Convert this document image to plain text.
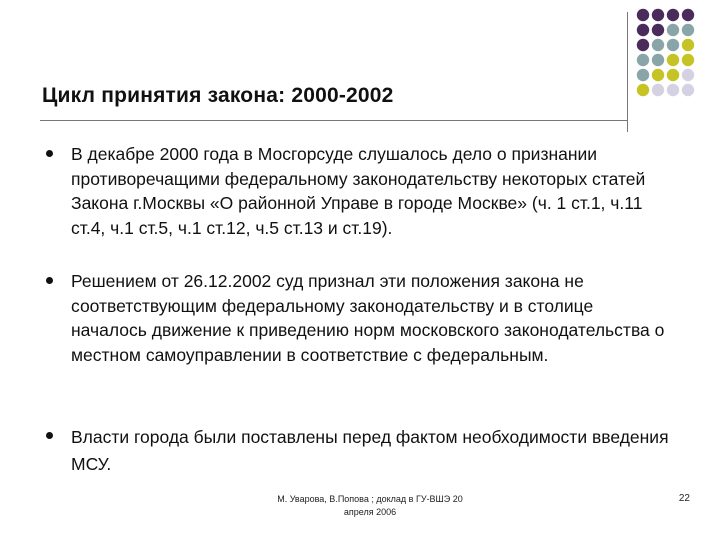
Цикл принятия закона: 2000-2002
В декабре 2000 года в Мосгорсуде слушалось дело о признании противоречащими федеральному законодательству некоторых статей Закона г.Москвы «О районной Управе в городе Москве» (ч. 1 ст.1, ч.11 ст.4, ч.1 ст.5, ч.1 ст.12, ч.5 ст.13 и ст.19).
Решением от 26.12.2002 суд признал эти положения закона не соответствующим федеральному законодательству и в столице началось движение к приведению норм московского законодательства о местном самоуправлении в соответствие с федеральным.
Власти города были поставлены перед фактом необходимости введения МСУ.
М. Уварова, В.Попова ; доклад в ГУ-ВШЭ 20
апреля 2006
22
